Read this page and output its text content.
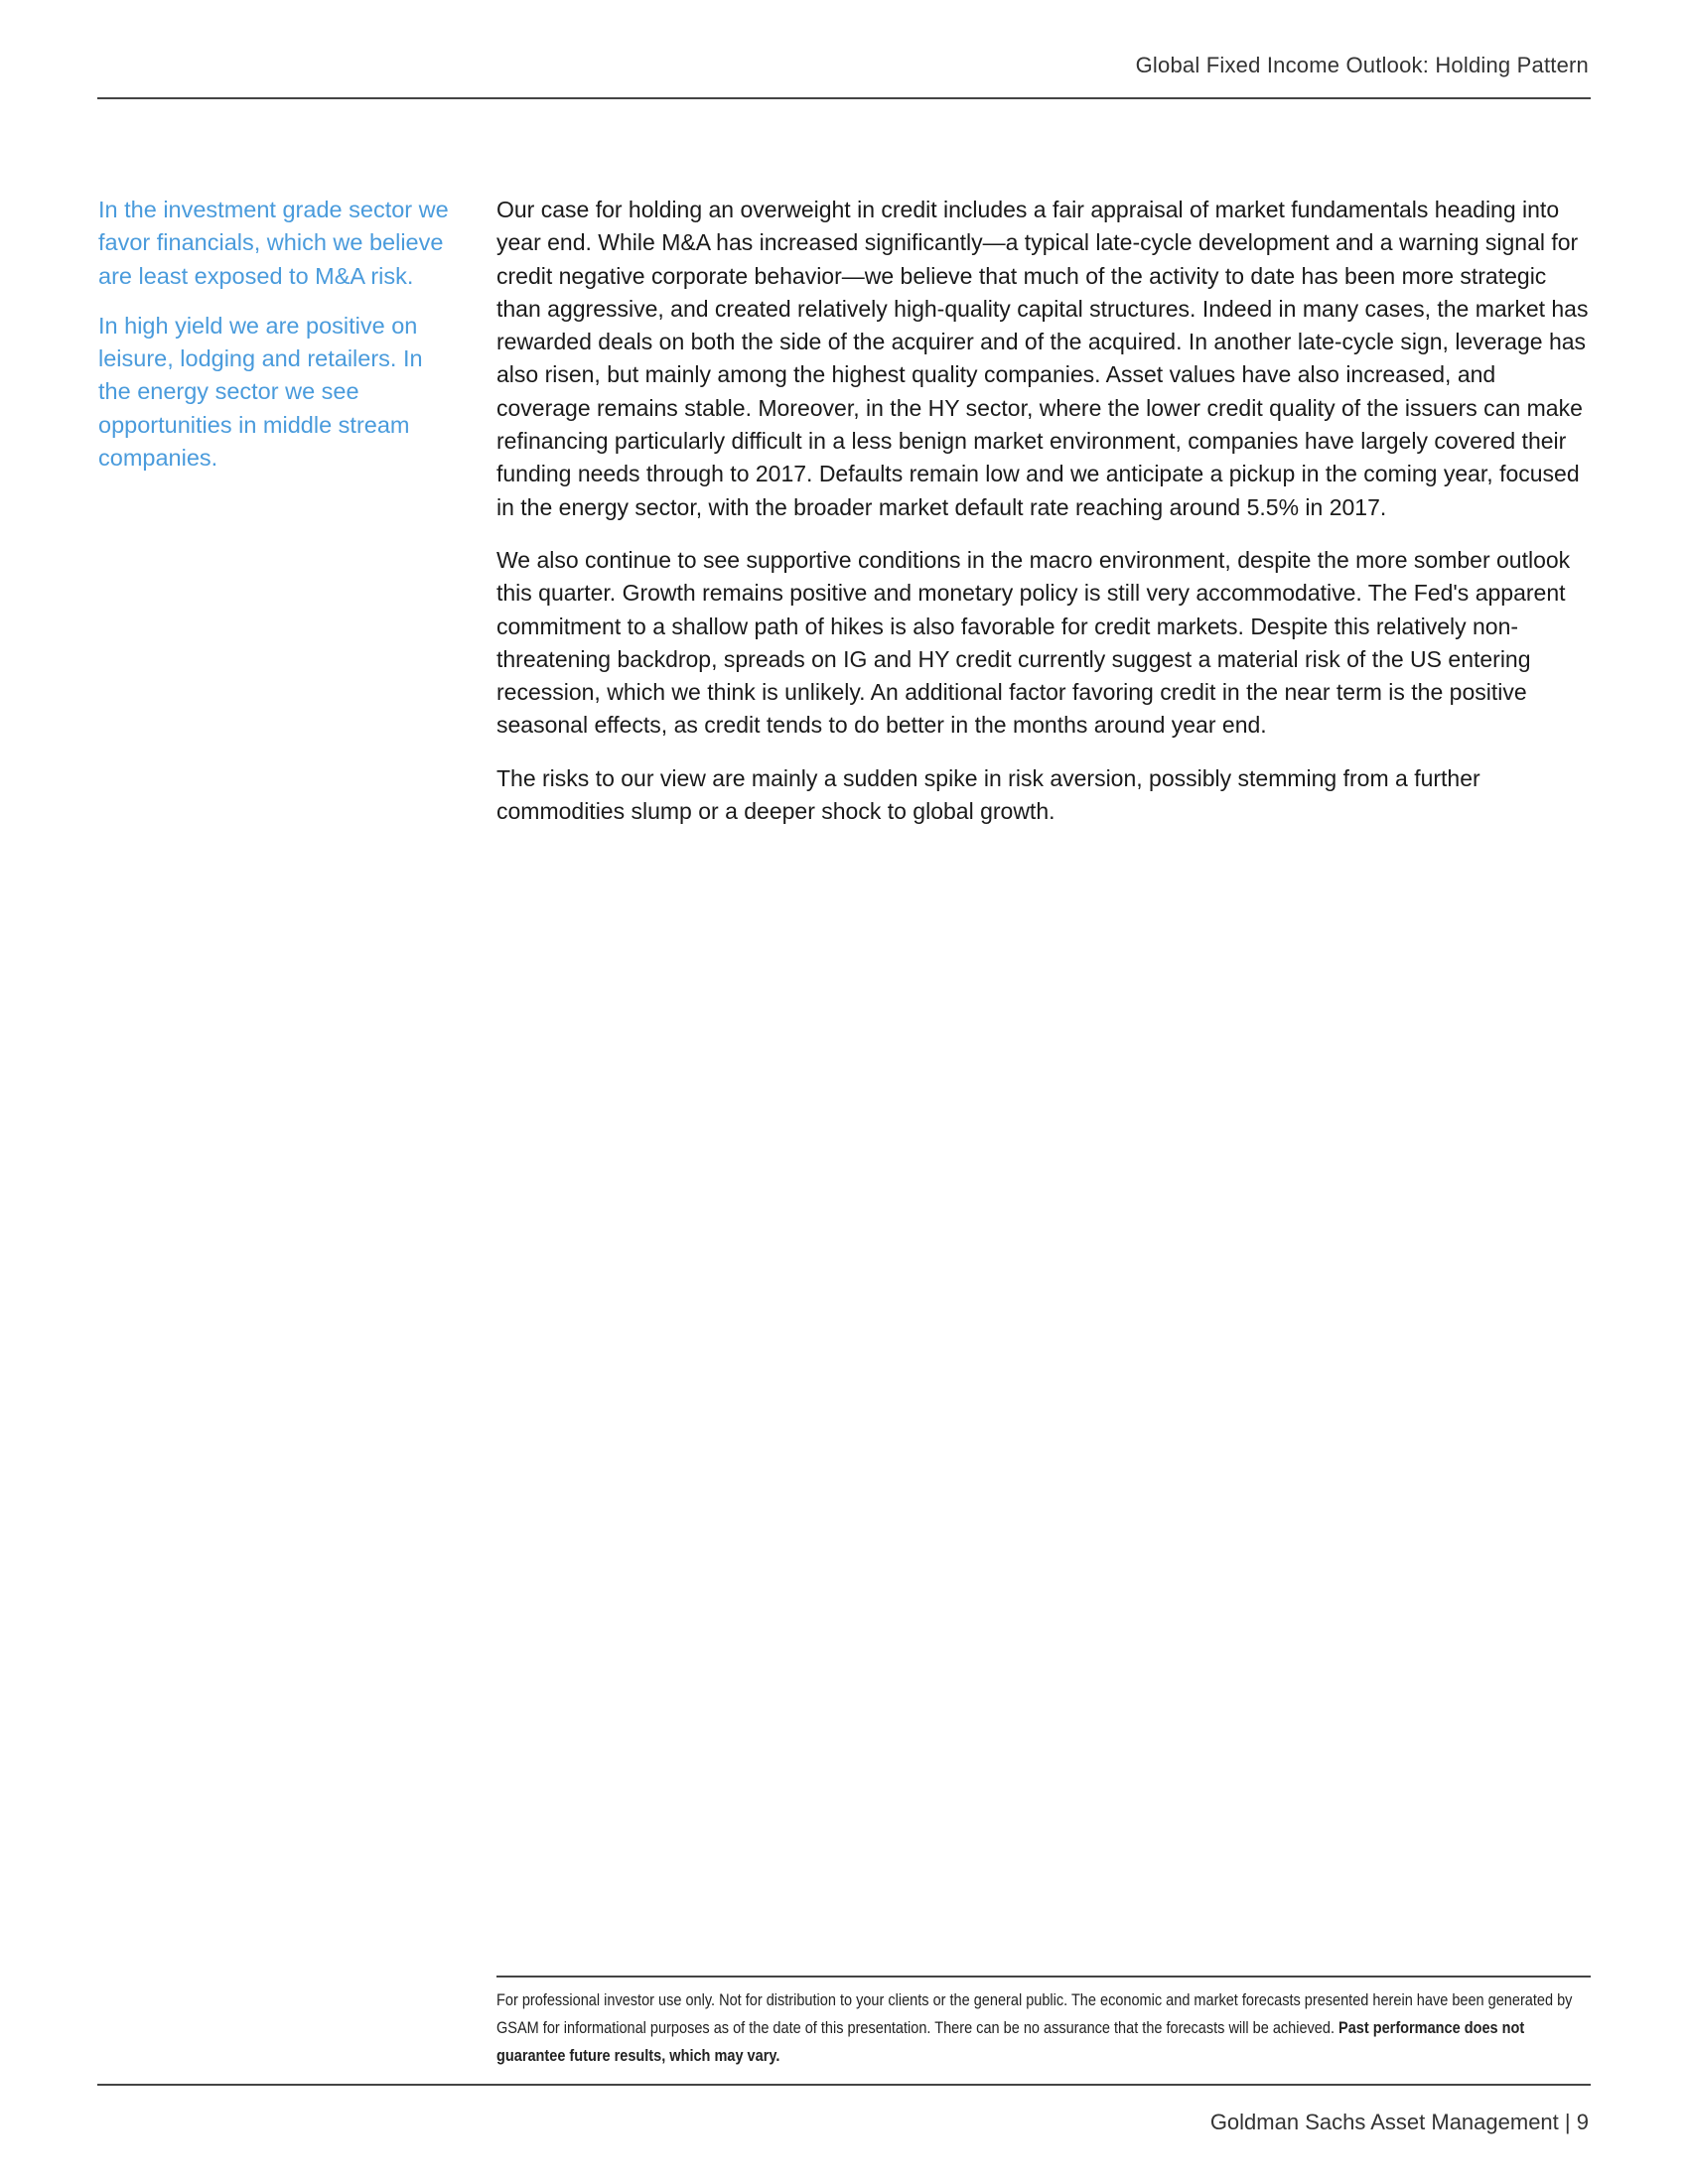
Global Fixed Income Outlook: Holding Pattern

In the investment grade sector we favor financials, which we believe are least exposed to M&A risk.

In high yield we are positive on leisure, lodging and retailers. In the energy sector we see opportunities in middle stream companies.

Our case for holding an overweight in credit includes a fair appraisal of market fundamentals heading into year end. While M&A has increased significantly—a typical late-cycle development and a warning signal for credit negative corporate behavior—we believe that much of the activity to date has been more strategic than aggressive, and created relatively high-quality capital structures. Indeed in many cases, the market has rewarded deals on both the side of the acquirer and of the acquired. In another late-cycle sign, leverage has also risen, but mainly among the highest quality companies. Asset values have also increased, and coverage remains stable. Moreover, in the HY sector, where the lower credit quality of the issuers can make refinancing particularly difficult in a less benign market environment, companies have largely covered their funding needs through to 2017. Defaults remain low and we anticipate a pickup in the coming year, focused in the energy sector, with the broader market default rate reaching around 5.5% in 2017.

We also continue to see supportive conditions in the macro environment, despite the more somber outlook this quarter. Growth remains positive and monetary policy is still very accommodative. The Fed's apparent commitment to a shallow path of hikes is also favorable for credit markets. Despite this relatively non-threatening backdrop, spreads on IG and HY credit currently suggest a material risk of the US entering recession, which we think is unlikely. An additional factor favoring credit in the near term is the positive seasonal effects, as credit tends to do better in the months around year end.

The risks to our view are mainly a sudden spike in risk aversion, possibly stemming from a further commodities slump or a deeper shock to global growth.

For professional investor use only. Not for distribution to your clients or the general public. The economic and market forecasts presented herein have been generated by GSAM for informational purposes as of the date of this presentation. There can be no assurance that the forecasts will be achieved. Past performance does not guarantee future results, which may vary.
Goldman Sachs Asset Management | 9
